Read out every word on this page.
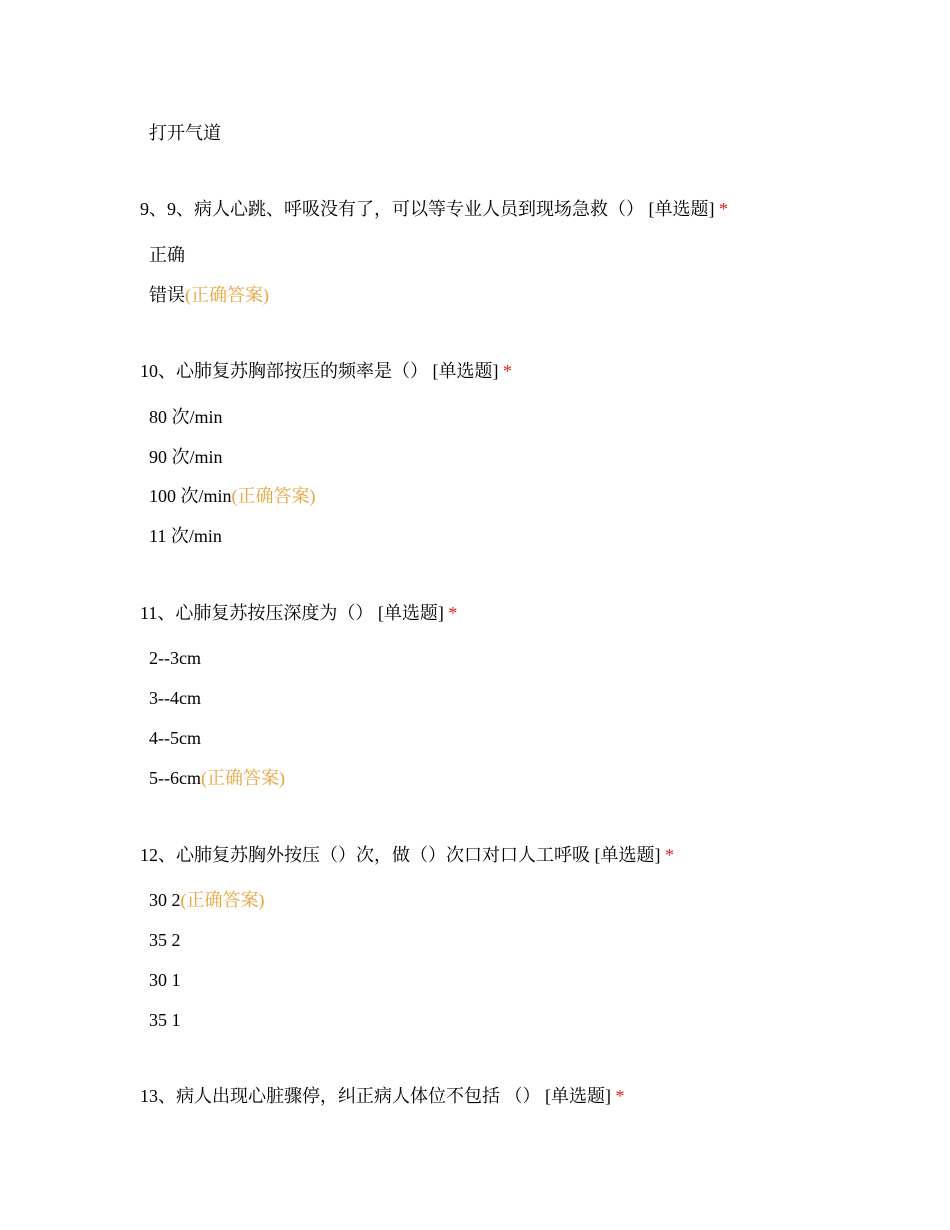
打开气道
9、9、病人心跳、呼吸没有了，可以等专业人员到现场急救（） [单选题] *
正确
错误(正确答案)
10、心肺复苏胸部按压的频率是（） [单选题] *
80 次/min
90 次/min
100 次/min(正确答案)
11 次/min
11、心肺复苏按压深度为（） [单选题] *
2--3cm
3--4cm
4--5cm
5--6cm(正确答案)
12、心肺复苏胸外按压（）次，做（）次口对口人工呼吸 [单选题] *
30 2(正确答案)
35 2
30 1
35 1
13、病人出现心脏骤停，纠正病人体位不包括 （） [单选题] *
